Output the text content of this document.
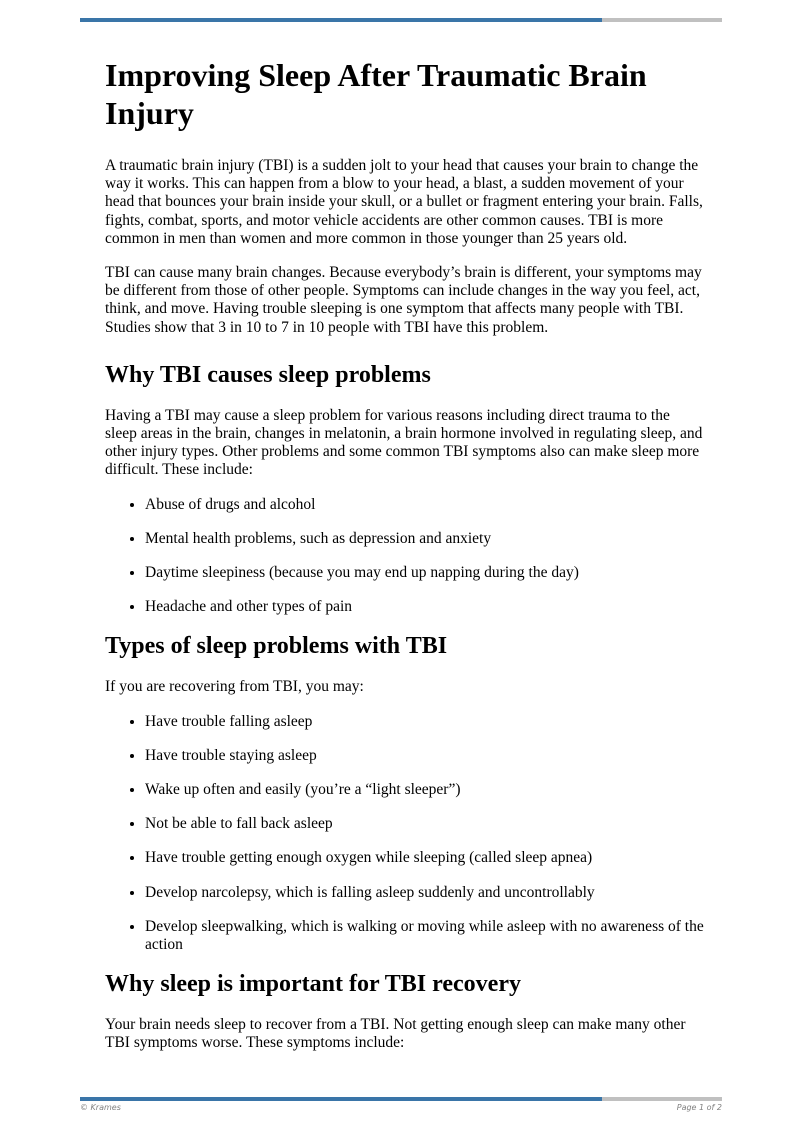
Improving Sleep After Traumatic Brain Injury

A traumatic brain injury (TBI) is a sudden jolt to your head that causes your brain to change the way it works. This can happen from a blow to your head, a blast, a sudden movement of your head that bounces your brain inside your skull, or a bullet or fragment entering your brain. Falls, fights, combat, sports, and motor vehicle accidents are other common causes. TBI is more common in men than women and more common in those younger than 25 years old.

TBI can cause many brain changes. Because everybody’s brain is different, your symptoms may be different from those of other people. Symptoms can include changes in the way you feel, act, think, and move. Having trouble sleeping is one symptom that affects many people with TBI. Studies show that 3 in 10 to 7 in 10 people with TBI have this problem.

Why TBI causes sleep problems

Having a TBI may cause a sleep problem for various reasons including direct trauma to the sleep areas in the brain, changes in melatonin, a brain hormone involved in regulating sleep, and other injury types. Other problems and some common TBI symptoms also can make sleep more difficult. These include:

• Abuse of drugs and alcohol
• Mental health problems, such as depression and anxiety
• Daytime sleepiness (because you may end up napping during the day)
• Headache and other types of pain
Types of sleep problems with TBI

If you are recovering from TBI, you may:

• Have trouble falling asleep
• Have trouble staying asleep
• Wake up often and easily (you’re a “light sleeper”)
• Not be able to fall back asleep
• Have trouble getting enough oxygen while sleeping (called sleep apnea)
• Develop narcolepsy, which is falling asleep suddenly and uncontrollably
• Develop sleepwalking, which is walking or moving while asleep with no awareness of the action
Why sleep is important for TBI recovery

Your brain needs sleep to recover from a TBI. Not getting enough sleep can make many other TBI symptoms worse. These symptoms include:

© Krames	Page 1 of 2
